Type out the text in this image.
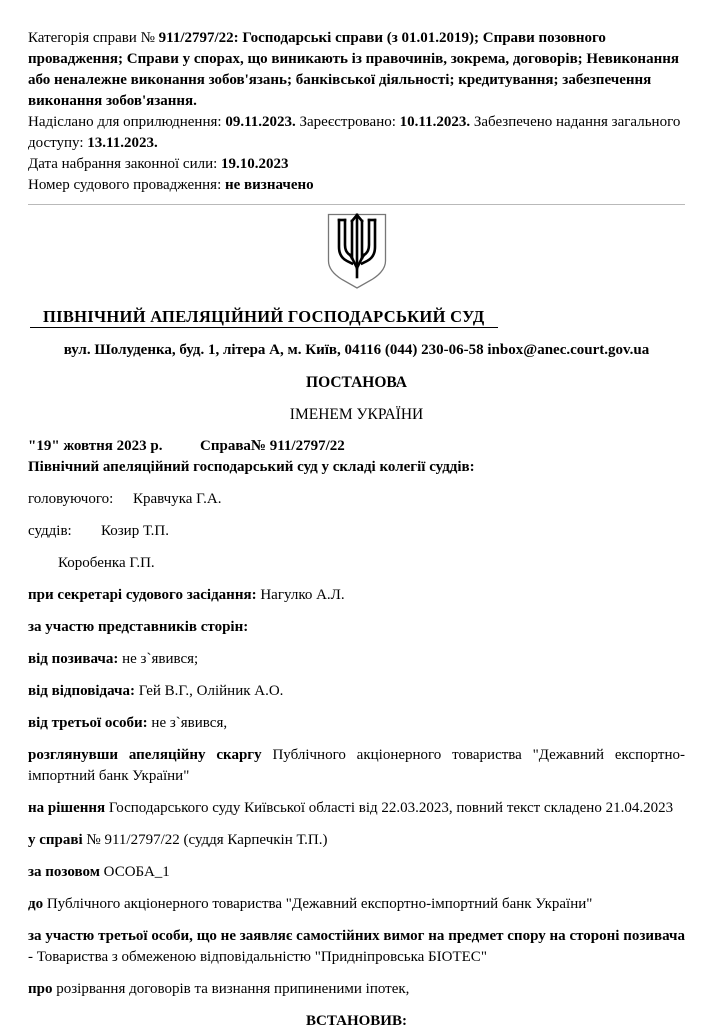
Категорія справи № 911/2797/22: Господарські справи (з 01.01.2019); Справи позовного провадження; Справи у спорах, що виникають із правочинів, зокрема, договорів; Невиконання або неналежне виконання зобов'язань; банківської діяльності; кредитування; забезпечення виконання зобов'язання.

Надіслано для оприлюднення: 09.11.2023. Зареєстровано: 10.11.2023. Забезпечено надання загального доступу: 13.11.2023.

Дата набрання законної сили: 19.10.2023

Номер судового провадження: не визначено

ПІВНІЧНИЙ АПЕЛЯЦІЙНИЙ ГОСПОДАРСЬКИЙ СУД

вул. Шолуденка, буд. 1, літера А, м. Київ, 04116 (044) 230-06-58 inbox@anec.court.gov.ua

ПОСТАНОВА

ІМЕНЕМ УКРАЇНИ

"19" жовтня 2023 р.	Справа№ 911/2797/22

Північний апеляційний господарський суд у складі колегії суддів:

головуючого: Кравчука Г.А.

суддів: Козир Т.П.

Коробенка Г.П.

при секретарі судового засідання: Нагулко А.Л.

за участю представників сторін:

від позивача: не з`явився;

від відповідача: Гей В.Г., Олійник А.О.

від третьої особи: не з`явився,

розглянувши апеляційну скаргу Публічного акціонерного товариства "Дежавний експортно-імпортний банк України"

на рішення Господарського суду Київської області від 22.03.2023, повний текст складено 21.04.2023

у справі № 911/2797/22 (суддя Карпечкін Т.П.)

за позовом ОСОБА_1

до Публічного акціонерного товариства "Дежавний експортно-імпортний банк України"

за участю третьої особи, що не заявляє самостійних вимог на предмет спору на стороні позивача - Товариства з обмеженою відповідальністю "Придніпровська БІОТЕС"

про розірвання договорів та визнання припиненими іпотек,

ВСТАНОВИВ:
